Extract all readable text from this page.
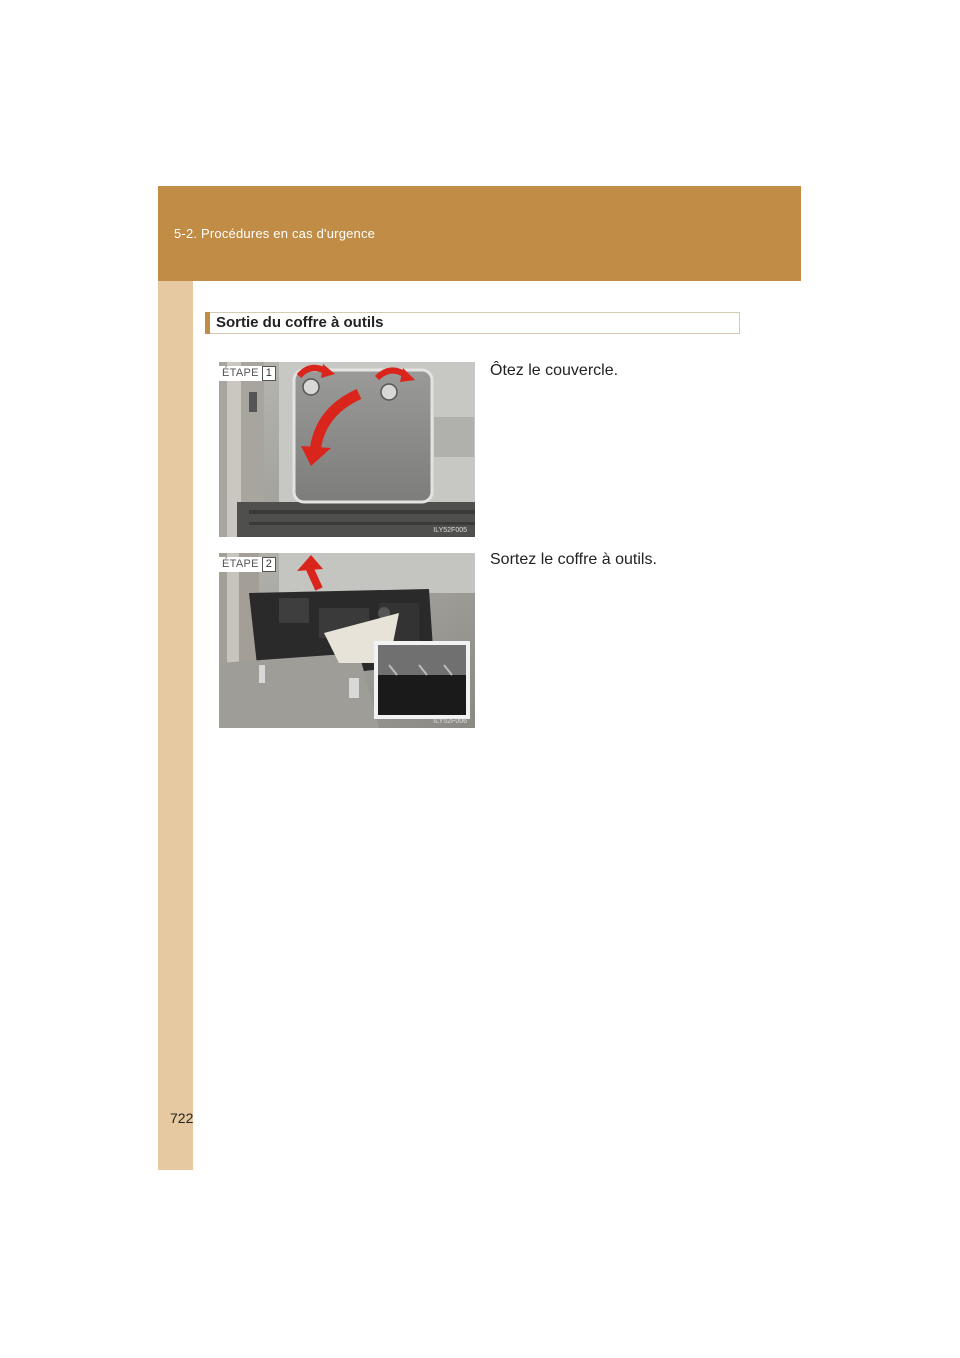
5-2. Procédures en cas d'urgence
Sortie du coffre à outils
ÉTAPE 1
ILY52F005
Ôtez le couvercle.
ÉTAPE 2
ILY52F006
Sortez le coffre à outils.
722
